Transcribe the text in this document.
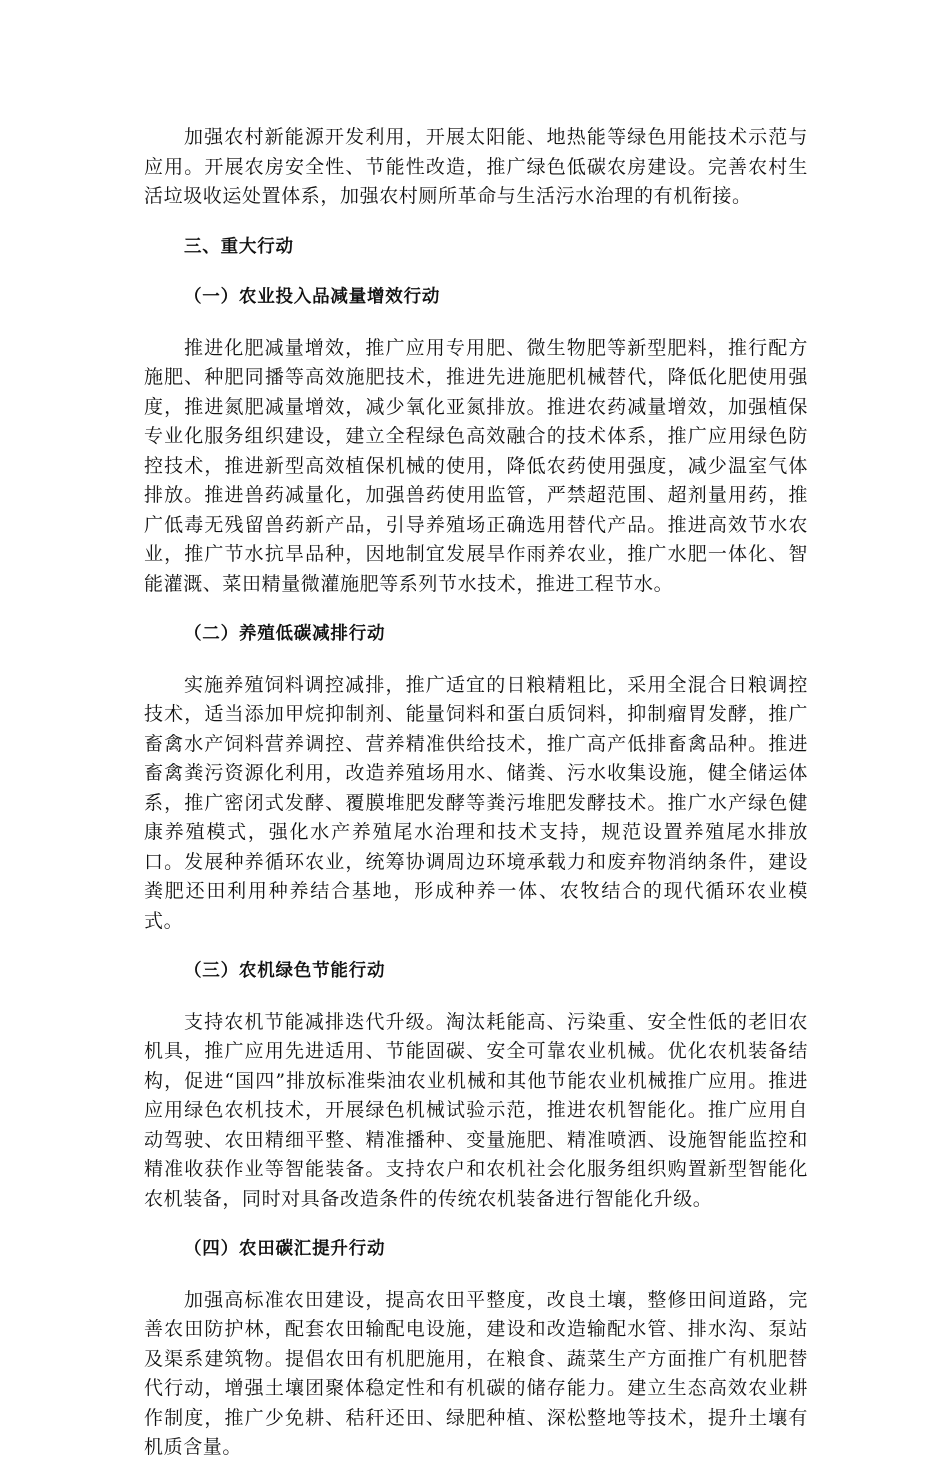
加强农村新能源开发利用，开展太阳能、地热能等绿色用能技术示范与应用。开展农房安全性、节能性改造，推广绿色低碳农房建设。完善农村生活垃圾收运处置体系，加强农村厕所革命与生活污水治理的有机衔接。

三、重大行动

（一）农业投入品减量增效行动

推进化肥减量增效，推广应用专用肥、微生物肥等新型肥料，推行配方施肥、种肥同播等高效施肥技术，推进先进施肥机械替代，降低化肥使用强度，推进氮肥减量增效，减少氧化亚氮排放。推进农药减量增效，加强植保专业化服务组织建设，建立全程绿色高效融合的技术体系，推广应用绿色防控技术，推进新型高效植保机械的使用，降低农药使用强度，减少温室气体排放。推进兽药减量化，加强兽药使用监管，严禁超范围、超剂量用药，推广低毒无残留兽药新产品，引导养殖场正确选用替代产品。推进高效节水农业，推广节水抗旱品种，因地制宜发展旱作雨养农业，推广水肥一体化、智能灌溉、菜田精量微灌施肥等系列节水技术，推进工程节水。

（二）养殖低碳减排行动

实施养殖饲料调控减排，推广适宜的日粮精粗比，采用全混合日粮调控技术，适当添加甲烷抑制剂、能量饲料和蛋白质饲料，抑制瘤胃发酵，推广畜禽水产饲料营养调控、营养精准供给技术，推广高产低排畜禽品种。推进畜禽粪污资源化利用，改造养殖场用水、储粪、污水收集设施，健全储运体系，推广密闭式发酵、覆膜堆肥发酵等粪污堆肥发酵技术。推广水产绿色健康养殖模式，强化水产养殖尾水治理和技术支持，规范设置养殖尾水排放口。发展种养循环农业，统筹协调周边环境承载力和废弃物消纳条件，建设粪肥还田利用种养结合基地，形成种养一体、农牧结合的现代循环农业模式。

（三）农机绿色节能行动

支持农机节能减排迭代升级。淘汰耗能高、污染重、安全性低的老旧农机具，推广应用先进适用、节能固碳、安全可靠农业机械。优化农机装备结构，促进“国四”排放标准柴油农业机械和其他节能农业机械推广应用。推进应用绿色农机技术，开展绿色机械试验示范，推进农机智能化。推广应用自动驾驶、农田精细平整、精准播种、变量施肥、精准喷洒、设施智能监控和精准收获作业等智能装备。支持农户和农机社会化服务组织购置新型智能化农机装备，同时对具备改造条件的传统农机装备进行智能化升级。

（四）农田碳汇提升行动

加强高标准农田建设，提高农田平整度，改良土壤，整修田间道路，完善农田防护林，配套农田输配电设施，建设和改造输配水管、排水沟、泵站及渠系建筑物。提倡农田有机肥施用，在粮食、蔬菜生产方面推广有机肥替代行动，增强土壤团聚体稳定性和有机碳的储存能力。建立生态高效农业耕作制度，推广少免耕、秸秆还田、绿肥种植、深松整地等技术，提升土壤有机质含量。
